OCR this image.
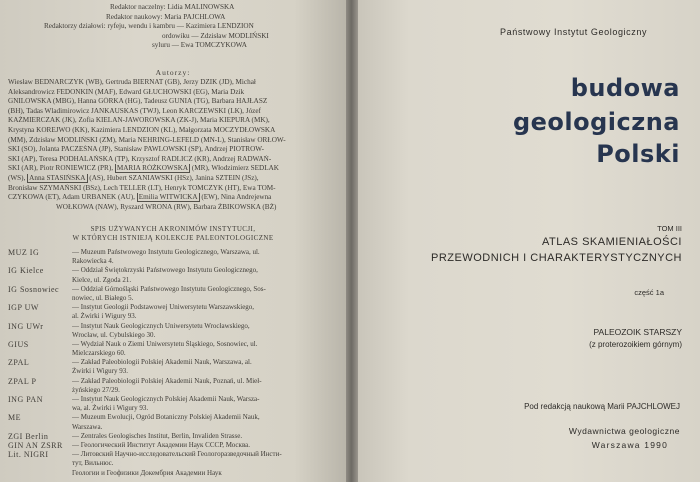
Redaktor naczelny: Lidia MALINOWSKA
Redaktor naukowy: Maria PAJCHLOWA
Redaktorzy działowi: ryfeju, wendu i kambru — Kazimiera LENDZION
ordowiku — Zdzisław MODLIŃSKI
syluru — Ewa TOMCZYKOWA
Autorzy:
Wiesław BEDNARCZYK (WB), Gertruda BIERNAT (GB), Jerzy DZIK (JD), Michał
Aleksandrowicz FEDONKIN (MAF), Edward GŁUCHOWSKI (EG), Maria Dzik
GNILOWSKA (MBG), Hanna GÓRKA (HG), Tadeusz GUNIA (TG), Barbara HAJŁASZ
(BH), Tadas Wladimirowicz JANKAUSKAS (TWJ), Leon KARCZEWSKI (LK), Józef
KAŹMIERCZAK (JK), Zofia KIELAN-JAWOROWSKA (ZK-J), Maria KIEPURA (MK),
Krystyna KOREJWO (KK), Kazimiera LENDZION (KL), Małgorzata MOCZYDŁOWSKA
(MM), Zdzisław MODLIŃSKI (ZM), Maria NEHRING-LEFELD (MN-L), Stanisław ORŁOW-
SKI (SO), Jolanta PACZEŚNA (JP), Stanisław PAWLOWSKI (SP), Andrzej PIOTROW-
SKI (AP), Teresa PODHALAŃSKA (TP), Krzysztof RADLICZ (KR), Andrzej RADWAŃ-
SKI (AR), Piotr RONIEWICZ (PR), MARIA RÓŻKOWSKA (MR), Włodzimierz SEDLAK
(WS), Anna STASIŃSKA (AS), Hubert SZANIAWSKI (HSz), Janina SZTEIN (JSz),
Bronisław SZYMAŃSKI (BSz), Lech TELLER (LT), Henryk TOMCZYK (HT), Ewa TOM-
CZYKOWA (ET), Adam URBANEK (AU), Emilia WITWICKA (EW), Nina Andrejewna
WOŁKOWA (NAW), Ryszard WRONA (RW), Barbara ŻBIKOWSKA (BŻ)
SPIS UŻYWANYCH AKRONIMÓW INSTYTUCJI,
W KTÓRYCH ISTNIEJĄ KOLEKCJE PALEONTOLOGICZNE
MUZ IG	— Muzeum Państwowego Instytutu Geologicznego, Warszawa, ul.
Rakowiecka 4.
IG Kielce	— Oddział Świętokrzyski Państwowego Instytutu Geologicznego,
Kielce, ul. Zgoda 21.
IG Sosnowiec	— Oddział Górnośląski Państwowego Instytutu Geologicznego, Sos-
nowiec, ul. Białego 5.
IGP UW	— Instytut Geologii Podstawowej Uniwersytetu Warszawskiego,
al. Żwirki i Wigury 93.
ING UWr	— Instytut Nauk Geologicznych Uniwersytetu Wrocławskiego,
Wrocław, ul. Cybulskiego 30.
GIUS	— Wydział Nauk o Ziemi Uniwersytetu Śląskiego, Sosnowiec, ul.
Mielczarskiego 60.
ZPAL	— Zakład Paleobiologii Polskiej Akademii Nauk, Warszawa, al.
Żwirki i Wigury 93.
ZPAL P	— Zakład Paleobiologii Polskiej Akademii Nauk, Poznań, ul. Mieł-
żyńskiego 27/29.
ING PAN	— Instytut Nauk Geologicznych Polskiej Akademii Nauk, Warsza-
wa, al. Żwirki i Wigury 93.
ME	— Muzeum Ewolucji, Ogród Botaniczny Polskiej Akademii Nauk,
Warszawa.
ZGI Berlin	— Zentrales Geologisches Institut, Berlin, Invaliden Strasse.
GIN AN ZSRR	— Геологический Институт Академии Наук СССР, Москва.
Lit. NIGRI	— Литовский Научно-исследовательский Геологоразведочный Инсти-
тут, Вильнюс.
Геологии и Геофизики Докембрия Академии Наук
Państwowy Instytut Geologiczny
budowa
geologiczna
Polski
TOM III
ATLAS SKAMIENIAŁOŚCI
PRZEWODNICH I CHARAKTERYSTYCZNYCH
część 1a
PALEOZOIK STARSZY
(z proterozoikiem górnym)
Pod redakcją naukową Marii PAJCHLOWEJ
Wydawnictwa geologiczne
Warszawa 1990
